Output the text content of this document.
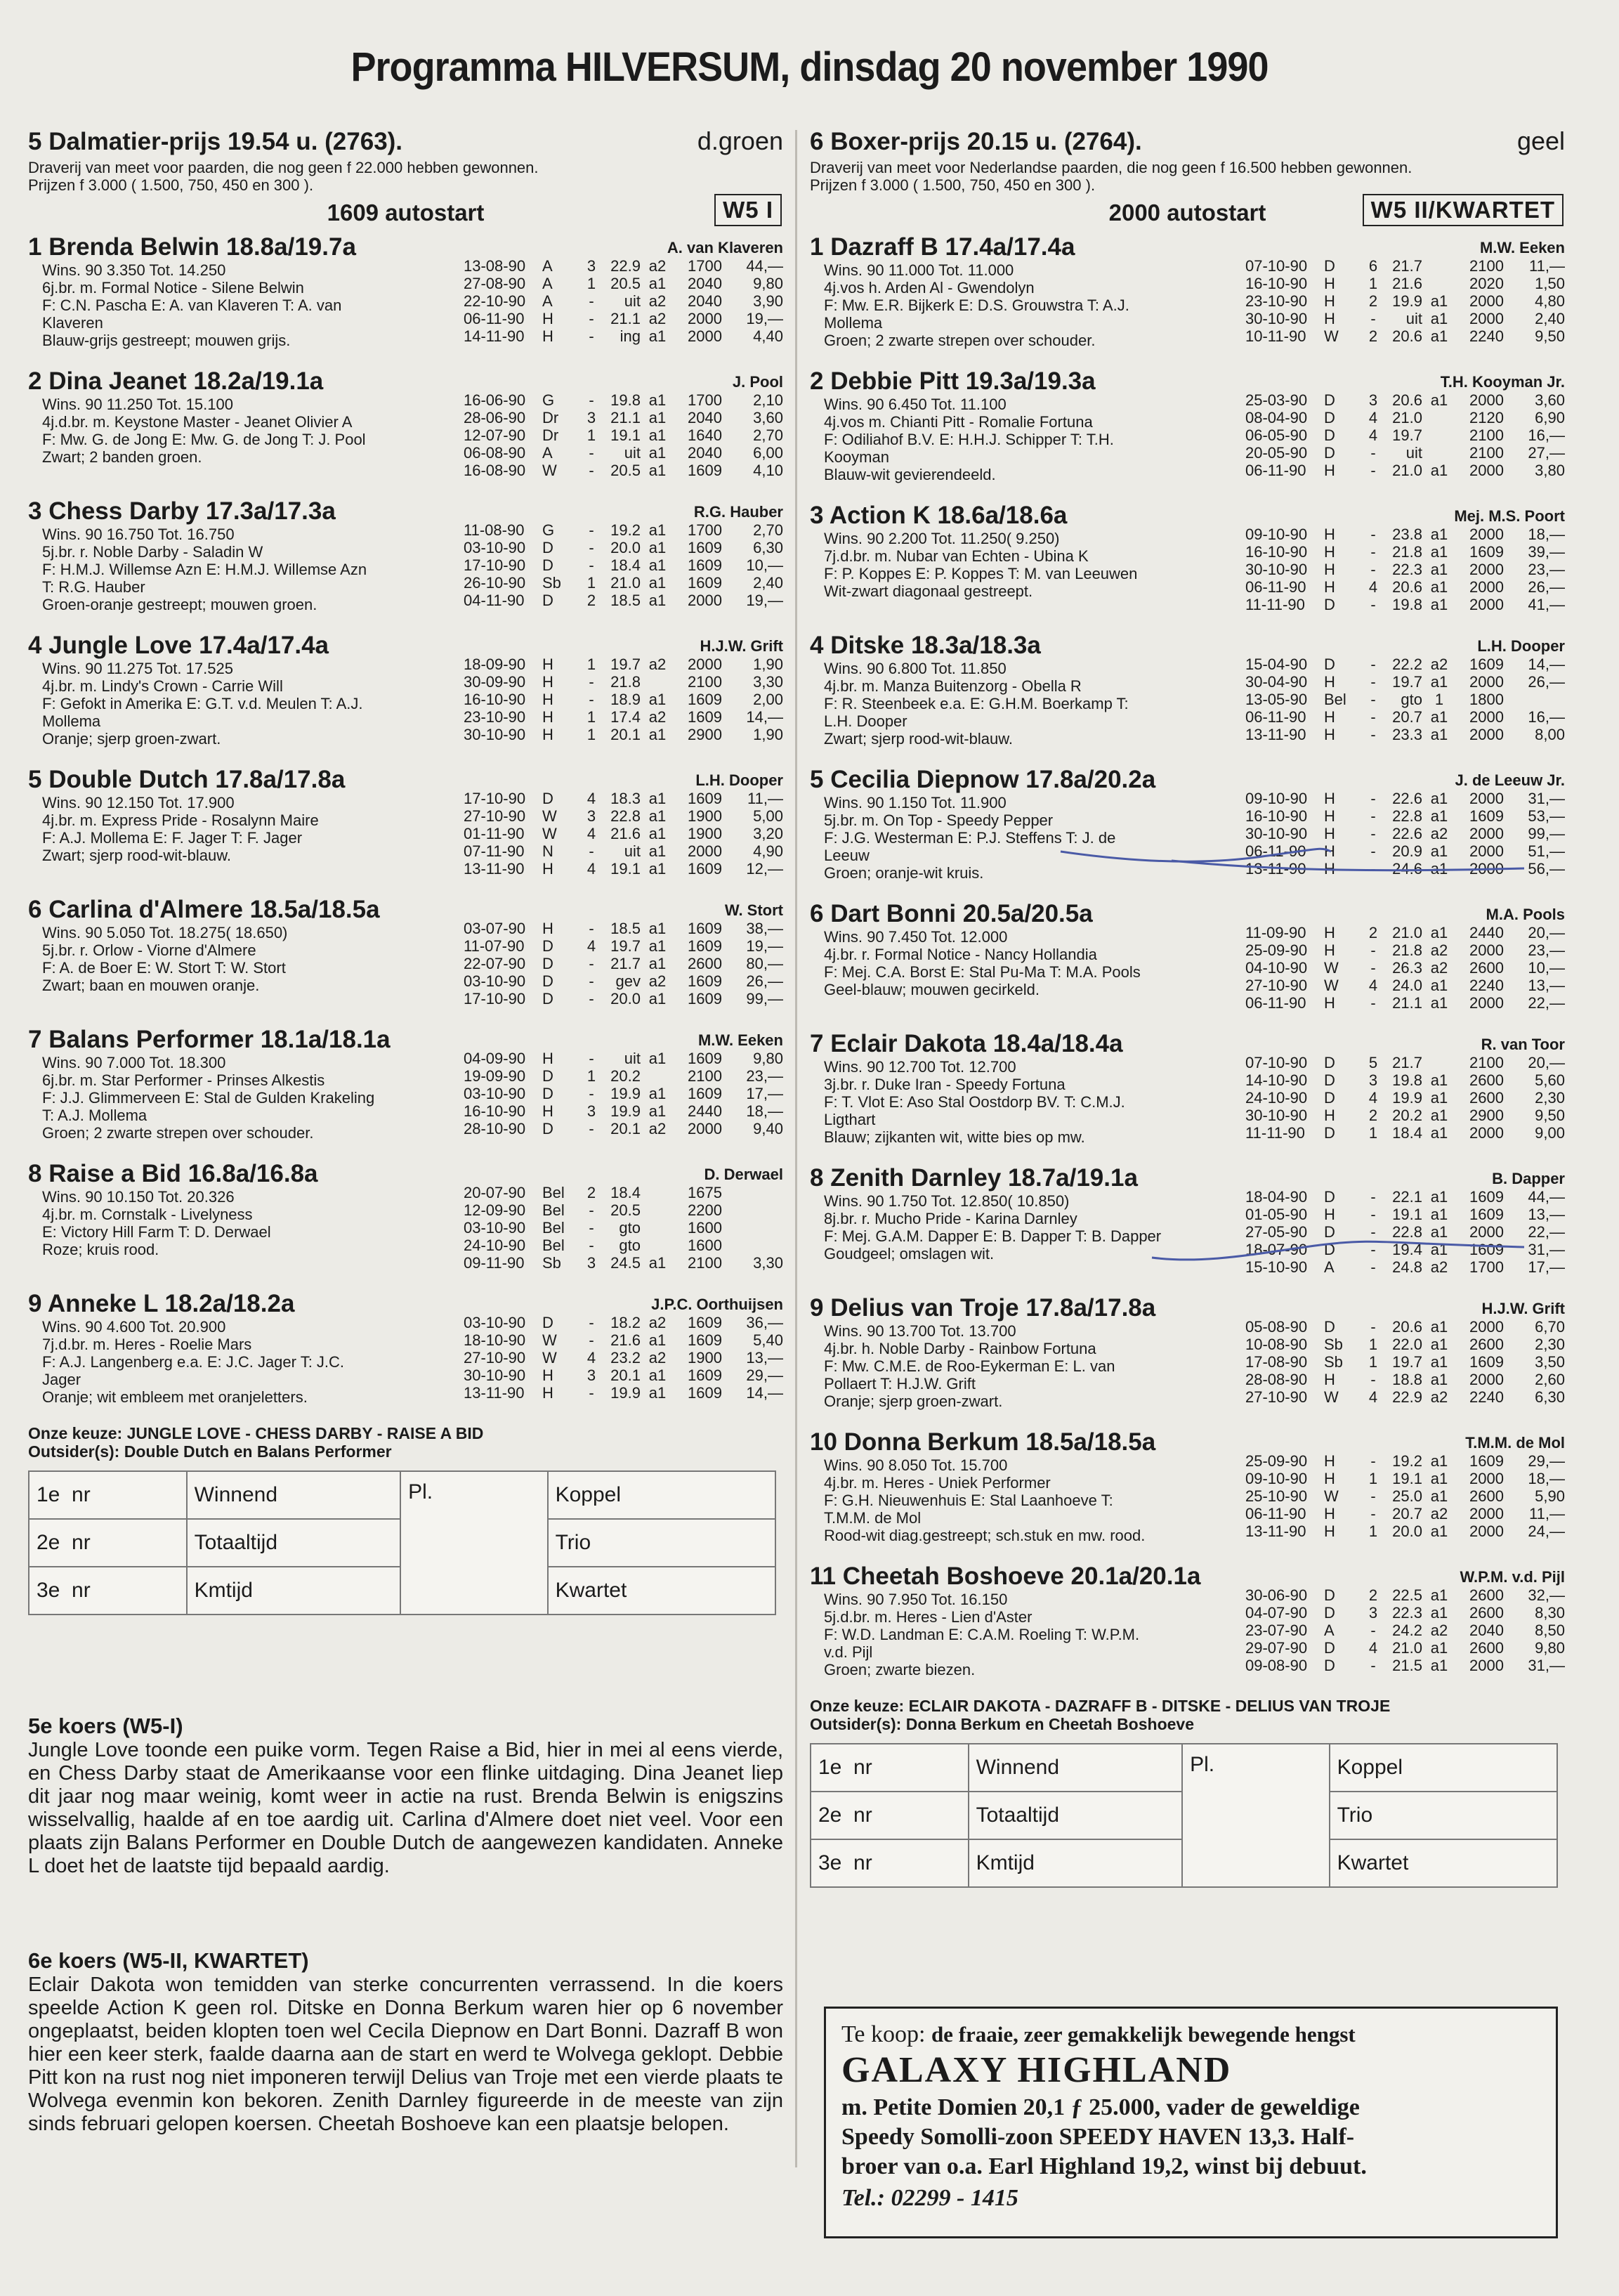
Programma HILVERSUM, dinsdag 20 november 1990
5 Dalmatier-prijs 19.54 u. (2763).	d.groen
Draverij van meet voor paarden, die nog geen f 22.000 hebben gewonnen.
Prijzen f 3.000 ( 1.500, 750, 450 en 300 ).
1609 autostart	W5 I
1 Brenda Belwin 18.8a/19.7a
Wins. 90 3.350 Tot. 14.250
6j.br. m. Formal Notice - Silene Belwin
F: C.N. Pascha E: A. van Klaveren T: A. van
Klaveren
Blauw-grijs gestreept; mouwen grijs.
A. van Klaveren
13-08-90	A	3	22.9	a2	1700	44,—
27-08-90	A	1	20.5	a1	2040	9,80
22-10-90	A	-	uit	a2	2040	3,90
06-11-90	H	-	21.1	a2	2000	19,—
14-11-90	H	-	ing	a1	2000	4,40
2 Dina Jeanet 18.2a/19.1a
Wins. 90 11.250 Tot. 15.100
4j.d.br. m. Keystone Master - Jeanet Olivier A
F: Mw. G. de Jong E: Mw. G. de Jong T: J. Pool
Zwart; 2 banden groen.
J. Pool
16-06-90	G	-	19.8	a1	1700	2,10
28-06-90	Dr	3	21.1	a1	2040	3,60
12-07-90	Dr	1	19.1	a1	1640	2,70
06-08-90	A	-	uit	a1	2040	6,00
16-08-90	W	-	20.5	a1	1609	4,10
3 Chess Darby 17.3a/17.3a
Wins. 90 16.750 Tot. 16.750
5j.br. r. Noble Darby - Saladin W
F: H.M.J. Willemse Azn E: H.M.J. Willemse Azn
T: R.G. Hauber
Groen-oranje gestreept; mouwen groen.
R.G. Hauber
11-08-90	G	-	19.2	a1	1700	2,70
03-10-90	D	-	20.0	a1	1609	6,30
17-10-90	D	-	18.4	a1	1609	10,—
26-10-90	Sb	1	21.0	a1	1609	2,40
04-11-90	D	2	18.5	a1	2000	19,—
4 Jungle Love 17.4a/17.4a
Wins. 90 11.275 Tot. 17.525
4j.br. m. Lindy's Crown - Carrie Will
F: Gefokt in Amerika E: G.T. v.d. Meulen T: A.J.
Mollema
Oranje; sjerp groen-zwart.
H.J.W. Grift
18-09-90	H	1	19.7	a2	2000	1,90
30-09-90	H	-	21.8		2100	3,30
16-10-90	H	-	18.9	a1	1609	2,00
23-10-90	H	1	17.4	a2	1609	14,—
30-10-90	H	1	20.1	a1	2900	1,90
5 Double Dutch 17.8a/17.8a
Wins. 90 12.150 Tot. 17.900
4j.br. m. Express Pride - Rosalynn Maire
F: A.J. Mollema E: F. Jager T: F. Jager
Zwart; sjerp rood-wit-blauw.
L.H. Dooper
17-10-90	D	4	18.3	a1	1609	11,—
27-10-90	W	3	22.8	a1	1900	5,00
01-11-90	W	4	21.6	a1	1900	3,20
07-11-90	N	-	uit	a1	2000	4,90
13-11-90	H	4	19.1	a1	1609	12,—
6 Carlina d'Almere 18.5a/18.5a
Wins. 90 5.050 Tot. 18.275( 18.650)
5j.br. r. Orlow - Viorne d'Almere
F: A. de Boer E: W. Stort T: W. Stort
Zwart; baan en mouwen oranje.
W. Stort
03-07-90	H	-	18.5	a1	1609	38,—
11-07-90	D	4	19.7	a1	1609	19,—
22-07-90	D	-	21.7	a1	2600	80,—
03-10-90	D	-	gev	a2	1609	26,—
17-10-90	D	-	20.0	a1	1609	99,—
7 Balans Performer 18.1a/18.1a
Wins. 90 7.000 Tot. 18.300
6j.br. m. Star Performer - Prinses Alkestis
F: J.J. Glimmerveen E: Stal de Gulden Krakeling
T: A.J. Mollema
Groen; 2 zwarte strepen over schouder.
M.W. Eeken
04-09-90	H	-	uit	a1	1609	9,80
19-09-90	D	1	20.2		2100	23,—
03-10-90	D	-	19.9	a1	1609	17,—
16-10-90	H	3	19.9	a1	2440	18,—
28-10-90	D	-	20.1	a2	2000	9,40
8 Raise a Bid 16.8a/16.8a
Wins. 90 10.150 Tot. 20.326
4j.br. m. Cornstalk - Livelyness
E: Victory Hill Farm T: D. Derwael
Roze; kruis rood.
D. Derwael
20-07-90	Bel	2	18.4		1675	
12-09-90	Bel	-	20.5		2200	
03-10-90	Bel	-	gto		1600	
24-10-90	Bel	-	gto		1600	
09-11-90	Sb	3	24.5	a1	2100	3,30
9 Anneke L 18.2a/18.2a
Wins. 90 4.600 Tot. 20.900
7j.d.br. m. Heres - Roelie Mars
F: A.J. Langenberg e.a. E: J.C. Jager T: J.C.
Jager
Oranje; wit embleem met oranjeletters.
J.P.C. Oorthuijsen
03-10-90	D	-	18.2	a2	1609	36,—
18-10-90	W	-	21.6	a1	1609	5,40
27-10-90	W	4	23.2	a2	1900	13,—
30-10-90	H	3	20.1	a1	1609	29,—
13-11-90	H	-	19.9	a1	1609	14,—
Onze keuze: JUNGLE LOVE - CHESS DARBY - RAISE A BID
Outsider(s): Double Dutch en Balans Performer
1e nr	Winnend	Pl.	Koppel
2e nr	Totaaltijd		Trio
3e nr	Kmtijd		Kwartet
5e koers (W5-I)
Jungle Love toonde een puike vorm. Tegen Raise a Bid, hier in mei al eens vierde, en Chess Darby staat de Amerikaanse voor een flinke uitdaging. Dina Jeanet liep dit jaar nog maar weinig, komt weer in actie na rust. Brenda Belwin is enigszins wisselvallig, haalde af en toe aardig uit. Carlina d'Almere doet niet veel. Voor een plaats zijn Balans Performer en Double Dutch de aangewezen kandidaten. Anneke L doet het de laatste tijd bepaald aardig.
6e koers (W5-II, KWARTET)
Eclair Dakota won temidden van sterke concurrenten verrassend. In die koers speelde Action K geen rol. Ditske en Donna Berkum waren hier op 6 november ongeplaatst, beiden klopten toen wel Cecila Diepnow en Dart Bonni. Dazraff B won hier een keer sterk, faalde daarna aan de start en werd te Wolvega geklopt. Debbie Pitt kon na rust nog niet imponeren terwijl Delius van Troje met een vierde plaats te Wolvega evenmin kon bekoren. Zenith Darnley figureerde in de meeste van zijn sinds februari gelopen koersen. Cheetah Boshoeve kan een plaatsje belopen.
6 Boxer-prijs 20.15 u. (2764).	geel
Draverij van meet voor Nederlandse paarden, die nog geen f 16.500 hebben gewonnen.
Prijzen f 3.000 ( 1.500, 750, 450 en 300 ).
2000 autostart	W5 II/KWARTET
1 Dazraff B 17.4a/17.4a
Wins. 90 11.000 Tot. 11.000
4j.vos h. Arden Al - Gwendolyn
F: Mw. E.R. Bijkerk E: D.S. Grouwstra T: A.J.
Mollema
Groen; 2 zwarte strepen over schouder.
M.W. Eeken
07-10-90	D	6	21.7		2100	11,—
16-10-90	H	1	21.6		2020	1,50
23-10-90	H	2	19.9	a1	2000	4,80
30-10-90	H	-	uit	a1	2000	2,40
10-11-90	W	2	20.6	a1	2240	9,50
2 Debbie Pitt 19.3a/19.3a
Wins. 90 6.450 Tot. 11.100
4j.vos m. Chianti Pitt - Romalie Fortuna
F: Odiliahof B.V. E: H.H.J. Schipper T: T.H.
Kooyman
Blauw-wit gevierendeeld.
T.H. Kooyman Jr.
25-03-90	D	3	20.6	a1	2000	3,60
08-04-90	D	4	21.0		2120	6,90
06-05-90	D	4	19.7		2100	16,—
20-05-90	D	-	uit		2100	27,—
06-11-90	H	-	21.0	a1	2000	3,80
3 Action K 18.6a/18.6a
Wins. 90 2.200 Tot. 11.250( 9.250)
7j.d.br. m. Nubar van Echten - Ubina K
F: P. Koppes E: P. Koppes T: M. van Leeuwen
Wit-zwart diagonaal gestreept.
Mej. M.S. Poort
09-10-90	H	-	23.8	a1	2000	18,—
16-10-90	H	-	21.8	a1	1609	39,—
30-10-90	H	-	22.3	a1	2000	23,—
06-11-90	H	4	20.6	a1	2000	26,—
11-11-90	D	-	19.8	a1	2000	41,—
4 Ditske 18.3a/18.3a
Wins. 90 6.800 Tot. 11.850
4j.br. m. Manza Buitenzorg - Obella R
F: R. Steenbeek e.a. E: G.H.M. Boerkamp T:
L.H. Dooper
Zwart; sjerp rood-wit-blauw.
L.H. Dooper
15-04-90	D	-	22.2	a2	1609	14,—
30-04-90	H	-	19.7	a1	2000	26,—
13-05-90	Bel	-	gto	1	1800	
06-11-90	H	-	20.7	a1	2000	16,—
13-11-90	H	-	23.3	a1	2000	8,00
5 Cecilia Diepnow 17.8a/20.2a
Wins. 90 1.150 Tot. 11.900
5j.br. m. On Top - Speedy Pepper
F: J.G. Westerman E: P.J. Steffens T: J. de
Leeuw
Groen; oranje-wit kruis.
J. de Leeuw Jr.
09-10-90	H	-	22.6	a1	2000	31,—
16-10-90	H	-	22.8	a1	1609	53,—
30-10-90	H	-	22.6	a2	2000	99,—
06-11-90	H	-	20.9	a1	2000	51,—
13-11-90	H	-	24.6	a1	2000	56,—
6 Dart Bonni 20.5a/20.5a
Wins. 90 7.450 Tot. 12.000
4j.br. r. Formal Notice - Nancy Hollandia
F: Mej. C.A. Borst E: Stal Pu-Ma T: M.A. Pools
Geel-blauw; mouwen gecirkeld.
M.A. Pools
11-09-90	H	2	21.0	a1	2440	20,—
25-09-90	H	-	21.8	a2	2000	23,—
04-10-90	W	-	26.3	a2	2600	10,—
27-10-90	W	4	24.0	a1	2240	13,—
06-11-90	H	-	21.1	a1	2000	22,—
7 Eclair Dakota 18.4a/18.4a
Wins. 90 12.700 Tot. 12.700
3j.br. r. Duke Iran - Speedy Fortuna
F: T. Vlot E: Aso Stal Oostdorp BV. T: C.M.J.
Ligthart
Blauw; zijkanten wit, witte bies op mw.
R. van Toor
07-10-90	D	5	21.7		2100	20,—
14-10-90	D	3	19.8	a1	2600	5,60
24-10-90	D	4	19.9	a1	2600	2,30
30-10-90	H	2	20.2	a1	2900	9,50
11-11-90	D	1	18.4	a1	2000	9,00
8 Zenith Darnley 18.7a/19.1a
Wins. 90 1.750 Tot. 12.850( 10.850)
8j.br. r. Mucho Pride - Karina Darnley
F: Mej. G.A.M. Dapper E: B. Dapper T: B. Dapper
Goudgeel; omslagen wit.
B. Dapper
18-04-90	D	-	22.1	a1	1609	44,—
01-05-90	H	-	19.1	a1	1609	13,—
27-05-90	D	-	22.8	a1	2000	22,—
18-07-90	D	-	19.4	a1	1609	31,—
15-10-90	A	-	24.8	a2	1700	17,—
9 Delius van Troje 17.8a/17.8a
Wins. 90 13.700 Tot. 13.700
4j.br. h. Noble Darby - Rainbow Fortuna
F: Mw. C.M.E. de Roo-Eykerman E: L. van
Pollaert T: H.J.W. Grift
Oranje; sjerp groen-zwart.
H.J.W. Grift
05-08-90	D	-	20.6	a1	2000	6,70
10-08-90	Sb	1	22.0	a1	2600	2,30
17-08-90	Sb	1	19.7	a1	1609	3,50
28-08-90	H	-	18.8	a1	2000	2,60
27-10-90	W	4	22.9	a2	2240	6,30
10 Donna Berkum 18.5a/18.5a
Wins. 90 8.050 Tot. 15.700
4j.br. m. Heres - Uniek Performer
F: G.H. Nieuwenhuis E: Stal Laanhoeve T:
T.M.M. de Mol
Rood-wit diag.gestreept; sch.stuk en mw. rood.
T.M.M. de Mol
25-09-90	H	-	19.2	a1	1609	29,—
09-10-90	H	1	19.1	a1	2000	18,—
25-10-90	W	-	25.0	a1	2600	5,90
06-11-90	H	-	20.7	a2	2000	11,—
13-11-90	H	1	20.0	a1	2000	24,—
11 Cheetah Boshoeve 20.1a/20.1a
Wins. 90 7.950 Tot. 16.150
5j.d.br. m. Heres - Lien d'Aster
F: W.D. Landman E: C.A.M. Roeling T: W.P.M.
v.d. Pijl
Groen; zwarte biezen.
W.P.M. v.d. Pijl
30-06-90	D	2	22.5	a1	2600	32,—
04-07-90	D	3	22.3	a1	2600	8,30
23-07-90	A	-	24.2	a2	2040	8,50
29-07-90	D	4	21.0	a1	2600	9,80
09-08-90	D	-	21.5	a1	2000	31,—
Onze keuze: ECLAIR DAKOTA - DAZRAFF B - DITSKE - DELIUS VAN TROJE
Outsider(s): Donna Berkum en Cheetah Boshoeve
1e nr	Winnend	Pl.	Koppel
2e nr	Totaaltijd		Trio
3e nr	Kmtijd		Kwartet
Te koop: de fraaie, zeer gemakkelijk bewegende hengst
GALAXY HIGHLAND
m. Petite Domien 20,1 ƒ 25.000, vader de geweldige
Speedy Somolli-zoon SPEEDY HAVEN 13,3. Half-
broer van o.a. Earl Highland 19,2, winst bij debuut.
Tel.: 02299 - 1415
